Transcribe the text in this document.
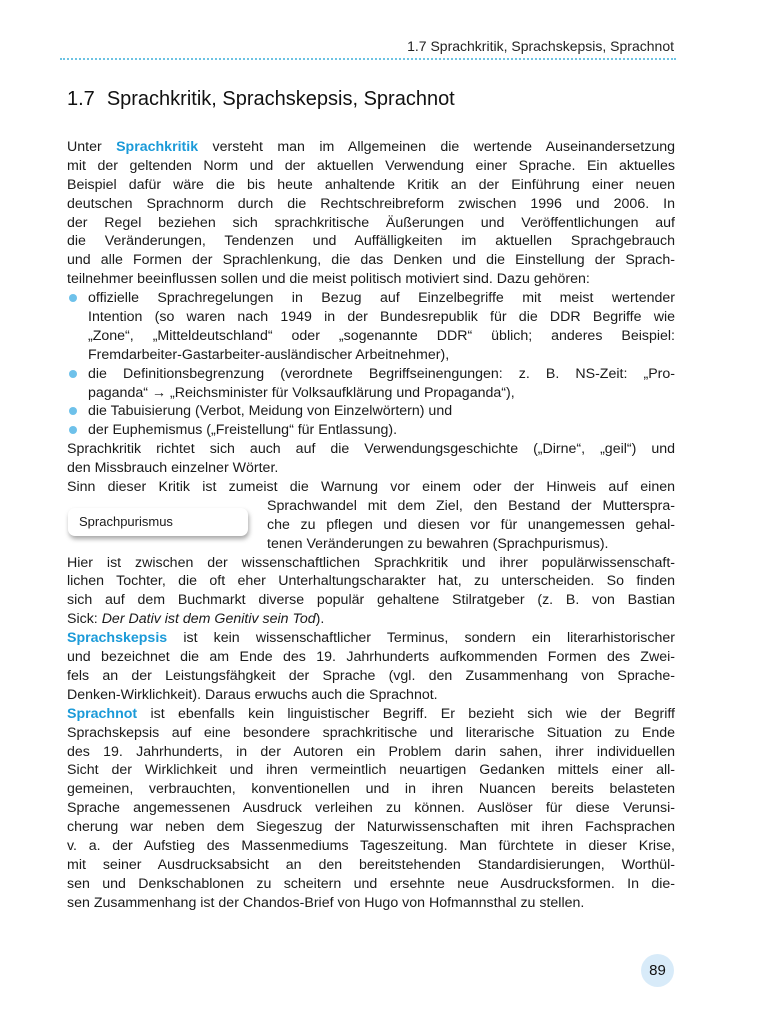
1.7 Sprachkritik, Sprachskepsis, Sprachnot
1.7 Sprachkritik, Sprachskepsis, Sprachnot
Unter Sprachkritik versteht man im Allgemeinen die wertende Auseinandersetzung
mit der geltenden Norm und der aktuellen Verwendung einer Sprache. Ein aktuelles
Beispiel dafür wäre die bis heute anhaltende Kritik an der Einführung einer neuen
deutschen Sprachnorm durch die Rechtschreibreform zwischen 1996 und 2006. In
der Regel beziehen sich sprachkritische Äußerungen und Veröffentlichungen auf
die Veränderungen, Tendenzen und Auffälligkeiten im aktuellen Sprachgebrauch
und alle Formen der Sprachlenkung, die das Denken und die Einstellung der Sprach-
teilnehmer beeinflussen sollen und die meist politisch motiviert sind. Dazu gehören:
offizielle Sprachregelungen in Bezug auf Einzelbegriffe mit meist wertender
Intention (so waren nach 1949 in der Bundesrepublik für die DDR Begriffe wie
„Zone“, „Mitteldeutschland“ oder „sogenannte DDR“ üblich; anderes Beispiel:
Fremdarbeiter-Gastarbeiter-ausländischer Arbeitnehmer),
die Definitionsbegrenzung (verordnete Begriffseinengungen: z. B. NS-Zeit: „Pro-
paganda“ → „Reichsminister für Volksaufklärung und Propaganda“),
die Tabuisierung (Verbot, Meidung von Einzelwörtern) und
der Euphemismus („Freistellung“ für Entlassung).
Sprachkritik richtet sich auch auf die Verwendungsgeschichte („Dirne“, „geil“) und
den Missbrauch einzelner Wörter.
Sinn dieser Kritik ist zumeist die Warnung vor einem oder der Hinweis auf einen
Sprachwandel mit dem Ziel, den Bestand der Mutterspra-
che zu pflegen und diesen vor für unangemessen gehal-
tenen Veränderungen zu bewahren (Sprachpurismus).
Hier ist zwischen der wissenschaftlichen Sprachkritik und ihrer populärwissenschaft-
lichen Tochter, die oft eher Unterhaltungscharakter hat, zu unterscheiden. So finden
sich auf dem Buchmarkt diverse populär gehaltene Stilratgeber (z. B. von Bastian
Sick: Der Dativ ist dem Genitiv sein Tod).
Sprachskepsis ist kein wissenschaftlicher Terminus, sondern ein literarhistorischer
und bezeichnet die am Ende des 19. Jahrhunderts aufkommenden Formen des Zwei-
fels an der Leistungsfähgkeit der Sprache (vgl. den Zusammenhang von Sprache-
Denken-Wirklichkeit). Daraus erwuchs auch die Sprachnot.
Sprachnot ist ebenfalls kein linguistischer Begriff. Er bezieht sich wie der Begriff
Sprachskepsis auf eine besondere sprachkritische und literarische Situation zu Ende
des 19. Jahrhunderts, in der Autoren ein Problem darin sahen, ihrer individuellen
Sicht der Wirklichkeit und ihren vermeintlich neuartigen Gedanken mittels einer all-
gemeinen, verbrauchten, konventionellen und in ihren Nuancen bereits belasteten
Sprache angemessenen Ausdruck verleihen zu können. Auslöser für diese Verunsi-
cherung war neben dem Siegeszug der Naturwissenschaften mit ihren Fachsprachen
v. a. der Aufstieg des Massenmediums Tageszeitung. Man fürchtete in dieser Krise,
mit seiner Ausdrucksabsicht an den bereitstehenden Standardisierungen, Worthül-
sen und Denkschablonen zu scheitern und ersehnte neue Ausdrucksformen. In die-
sen Zusammenhang ist der Chandos-Brief von Hugo von Hofmannsthal zu stellen.
Sprachpurismus
89
